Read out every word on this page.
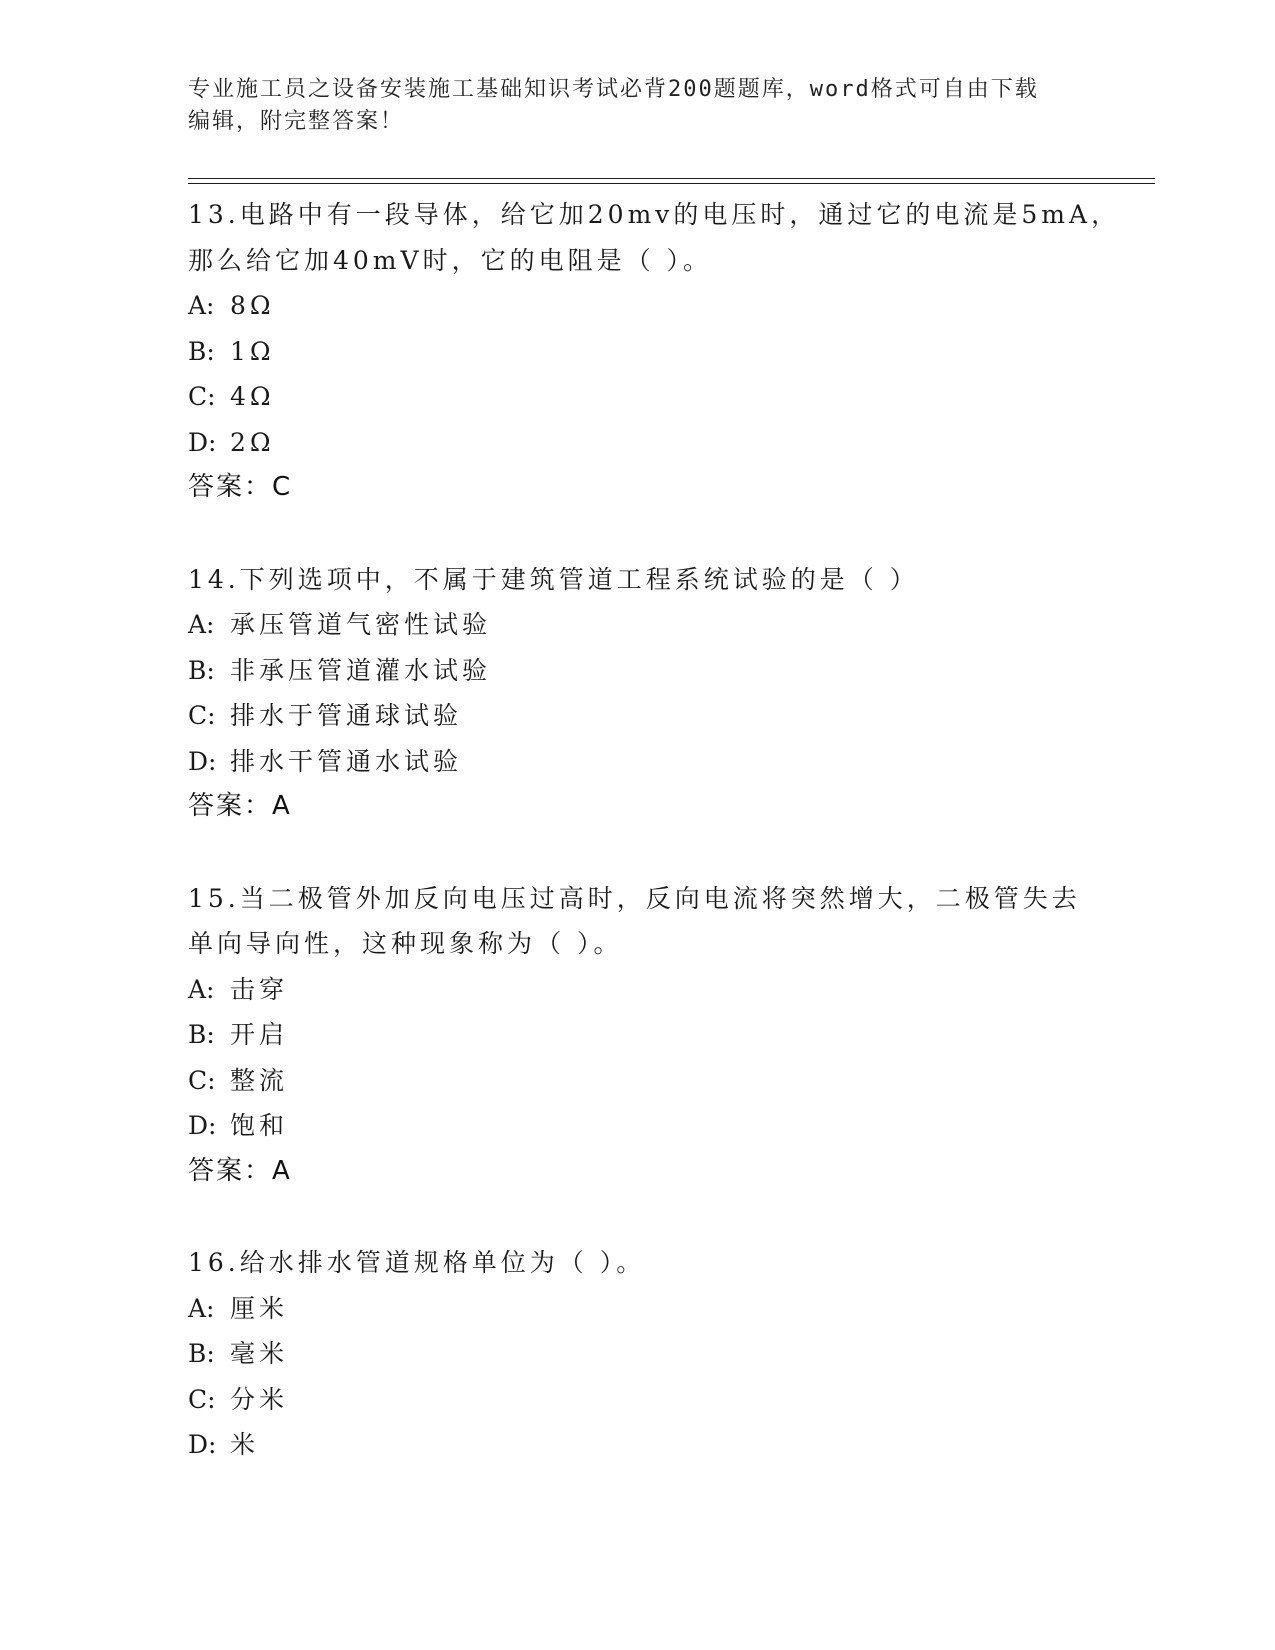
专业施工员之设备安装施工基础知识考试必背200题题库，word格式可自由下载
编辑，附完整答案！
13.电路中有一段导体，给它加20mv的电压时，通过它的电流是5mA，
那么给它加40mV时，它的电阻是（ ）。
A: 8Ω
B: 1Ω
C: 4Ω
D: 2Ω
答案：C
14.下列选项中，不属于建筑管道工程系统试验的是（ ）
A: 承压管道气密性试验
B: 非承压管道灌水试验
C: 排水于管通球试验
D: 排水干管通水试验
答案：A
15.当二极管外加反向电压过高时，反向电流将突然增大，二极管失去
单向导向性，这种现象称为（ ）。
A: 击穿
B: 开启
C: 整流
D: 饱和
答案：A
16.给水排水管道规格单位为（ ）。
A: 厘米
B: 毫米
C: 分米
D: 米
